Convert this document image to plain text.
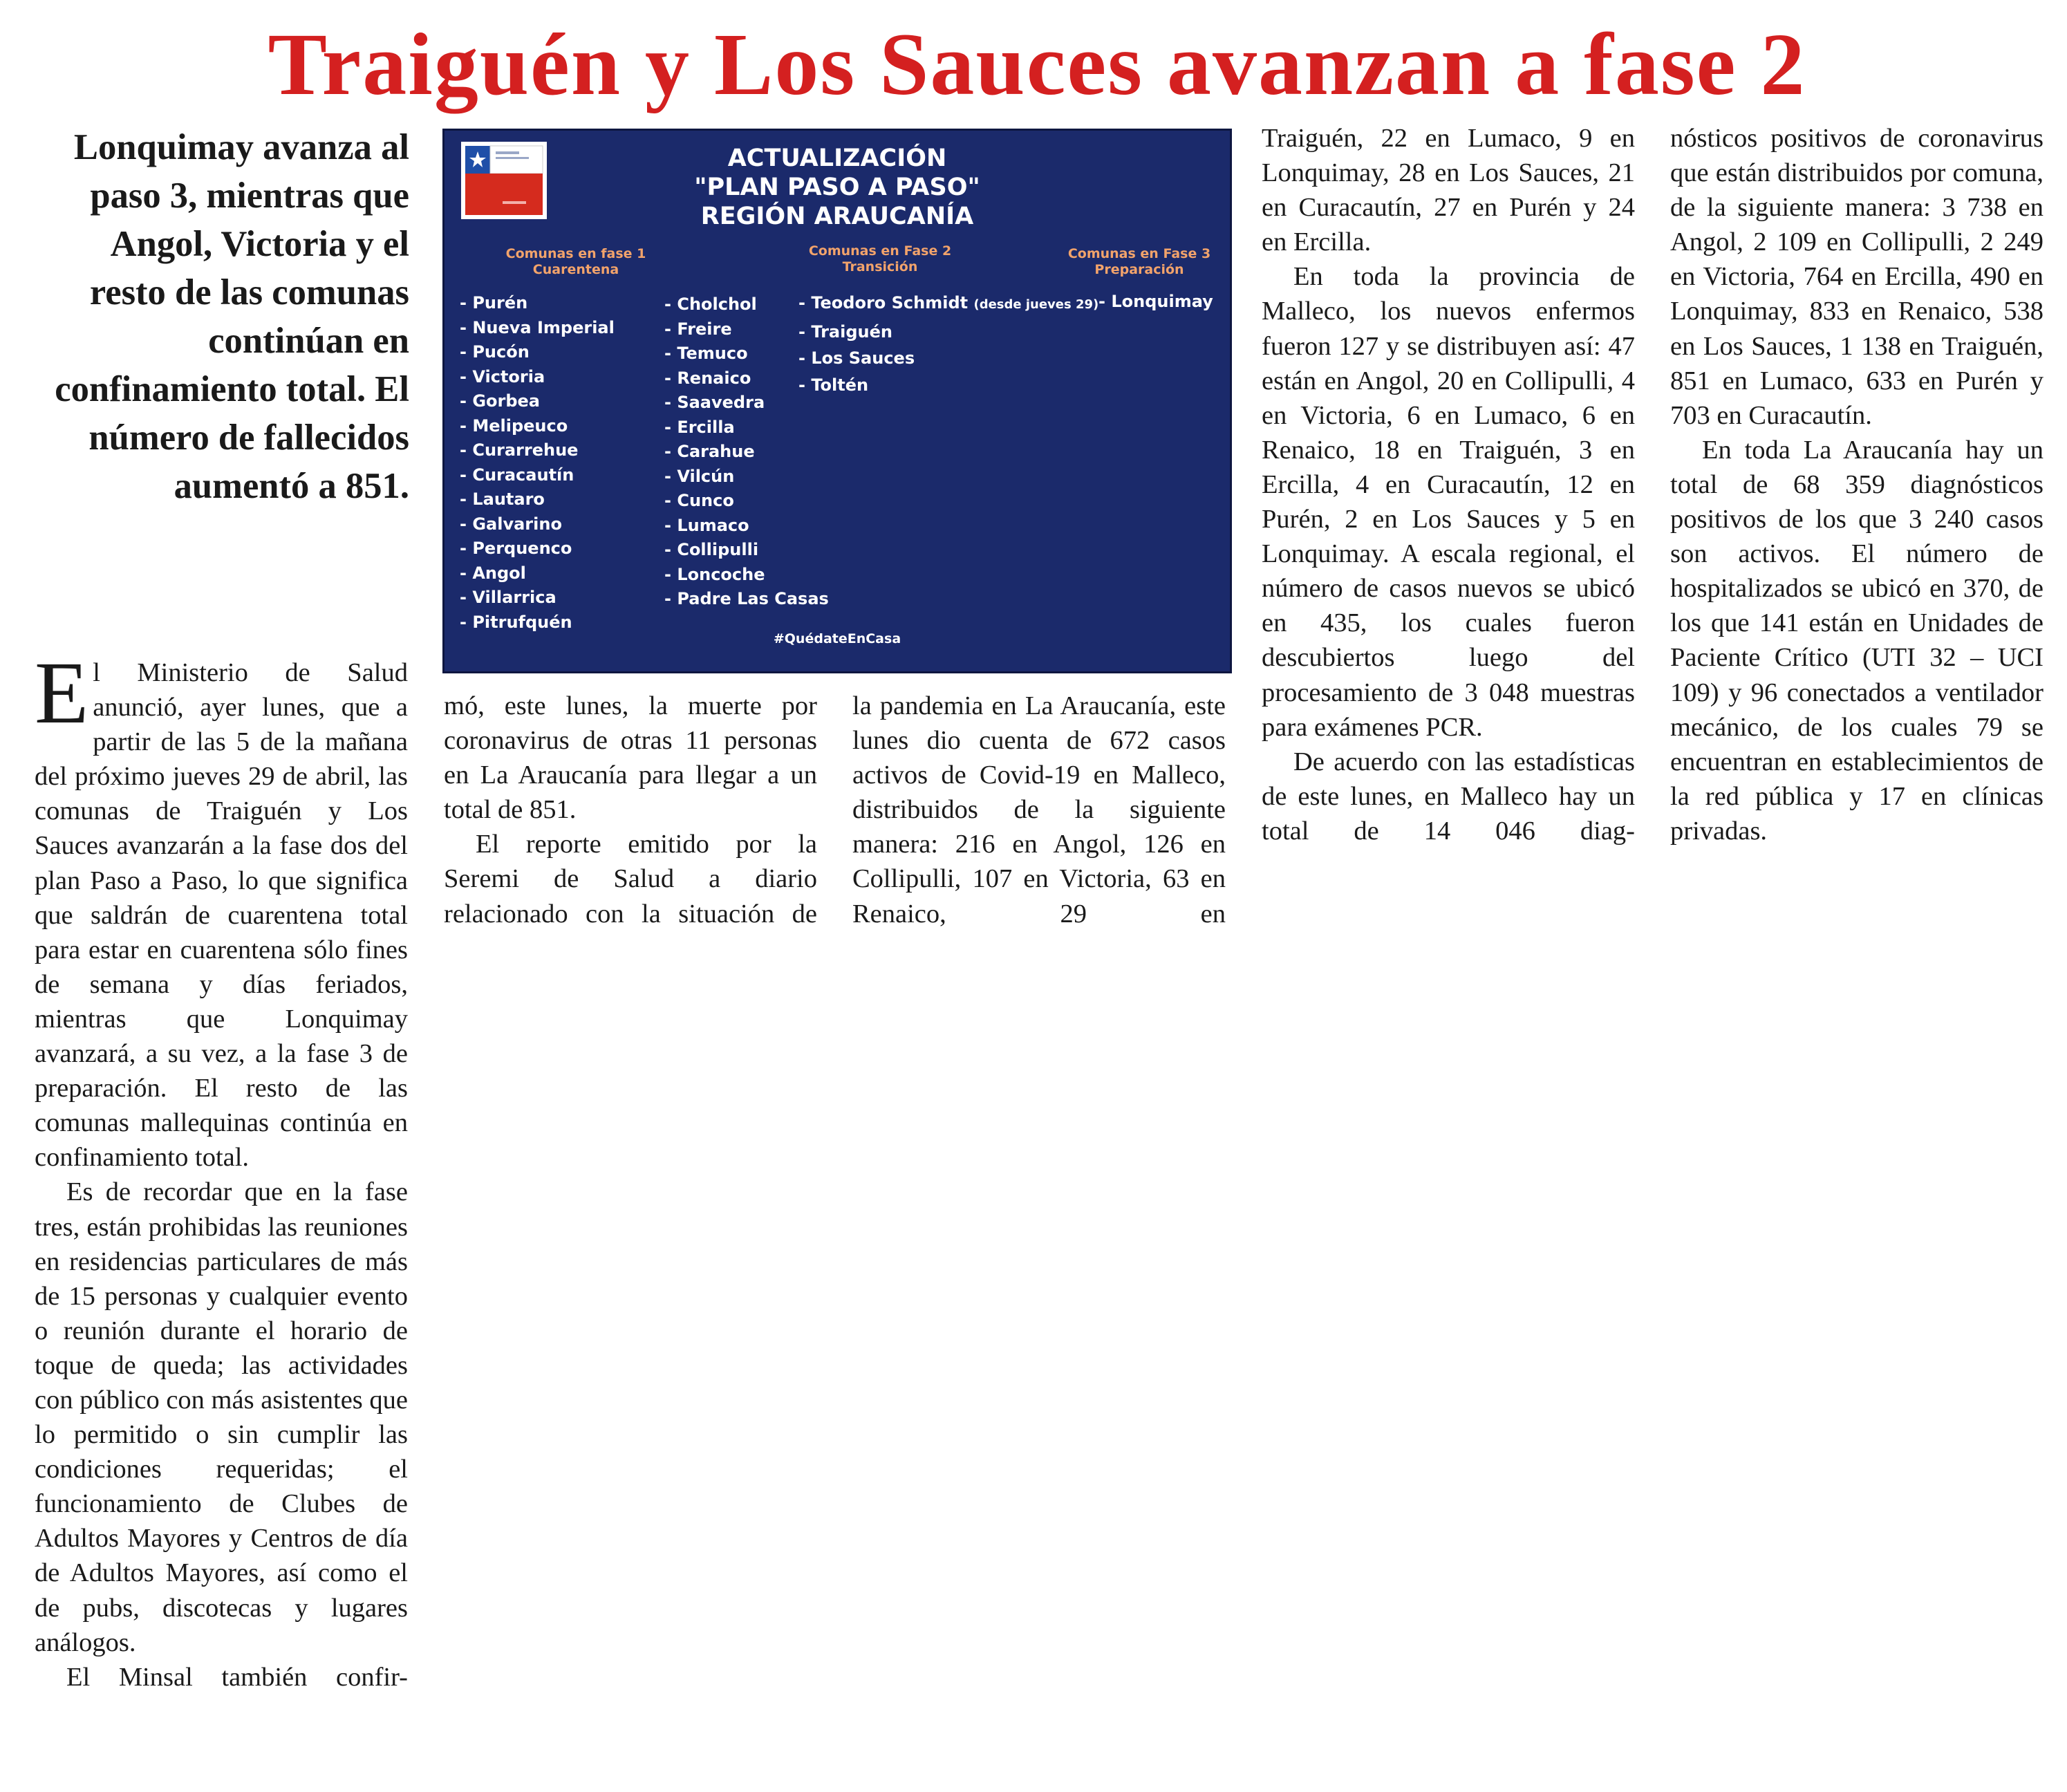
Traiguén y Los Sauces avanzan a fase 2
Lonquimay avanza al paso 3, mientras que Angol, Victoria y el resto de las comunas continúan en confinamiento total. El número de fallecidos aumentó a 851.
ACTUALIZACIÓN
"PLAN PASO A PASO"
REGIÓN ARAUCANÍA
Comunas en fase 1 Cuarentena
Comunas en Fase 2 Transición
Comunas en Fase 3 Preparación
- Purén
- Nueva Imperial
- Pucón
- Victoria
- Gorbea
- Melipeuco
- Curarrehue
- Curacautín
- Lautaro
- Galvarino
- Perquenco
- Angol
- Villarrica
- Pitrufquén
- Cholchol
- Freire
- Temuco
- Renaico
- Saavedra
- Ercilla
- Carahue
- Vilcún
- Cunco
- Lumaco
- Collipulli
- Loncoche
- Padre Las Casas
- Teodoro Schmidt (desde jueves 29)
- Traiguén
- Los Sauces
- Toltén
- Lonquimay
#QuédateEnCasa

El Ministerio de Salud anunció, ayer lunes, que a partir de las 5 de la mañana del próximo jueves 29 de abril, las comunas de Traiguén y Los Sauces avanzarán a la fase dos del plan Paso a Paso, lo que significa que saldrán de cuarentena total para estar en cuarentena sólo fines de semana y días feriados, mientras que Lonquimay avanzará, a su vez, a la fase 3 de preparación. El resto de las comunas mallequinas continúa en confinamiento total.

Es de recordar que en la fase tres, están prohibidas las reuniones en residencias particulares de más de 15 personas y cualquier evento o reunión durante el horario de toque de queda; las actividades con público con más asistentes que lo permitido o sin cumplir las condiciones requeridas; el funcionamiento de Clubes de Adultos Mayores y Centros de día de Adultos Mayores, así como el de pubs, discotecas y lugares análogos.

El Minsal también confir-

mó, este lunes, la muerte por coronavirus de otras 11 personas en La Araucanía para llegar a un total de 851.

El reporte emitido por la Seremi de Salud a diario relacionado con la situación de

la pandemia en La Araucanía, este lunes dio cuenta de 672 casos activos de Covid-19 en Malleco, distribuidos de la siguiente manera: 216 en Angol, 126 en Collipulli, 107 en Victoria, 63 en Renaico, 29 en

Traiguén, 22 en Lumaco, 9 en Lonquimay, 28 en Los Sauces, 21 en Curacautín, 27 en Purén y 24 en Ercilla.

En toda la provincia de Malleco, los nuevos enfermos fueron 127 y se distribuyen así: 47 están en Angol, 20 en Collipulli, 4 en Victoria, 6 en Lumaco, 6 en Renaico, 18 en Traiguén, 3 en Ercilla, 4 en Curacautín, 12 en Purén, 2 en Los Sauces y 5 en Lonquimay. A escala regional, el número de casos nuevos se ubicó en 435, los cuales fueron descubiertos luego del procesamiento de 3 048 muestras para exámenes PCR.

De acuerdo con las estadísticas de este lunes, en Malleco hay un total de 14 046 diag-

nósticos positivos de coronavirus que están distribuidos por comuna, de la siguiente manera: 3 738 en Angol, 2 109 en Collipulli, 2 249 en Victoria, 764 en Ercilla, 490 en Lonquimay, 833 en Renaico, 538 en Los Sauces, 1 138 en Traiguén, 851 en Lumaco, 633 en Purén y 703 en Curacautín.

En toda La Araucanía hay un total de 68 359 diagnósticos positivos de los que 3 240 casos son activos. El número de hospitalizados se ubicó en 370, de los que 141 están en Unidades de Paciente Crítico (UTI 32 – UCI 109) y 96 conectados a ventilador mecánico, de los cuales 79 se encuentran en establecimientos de la red pública y 17 en clínicas privadas.
